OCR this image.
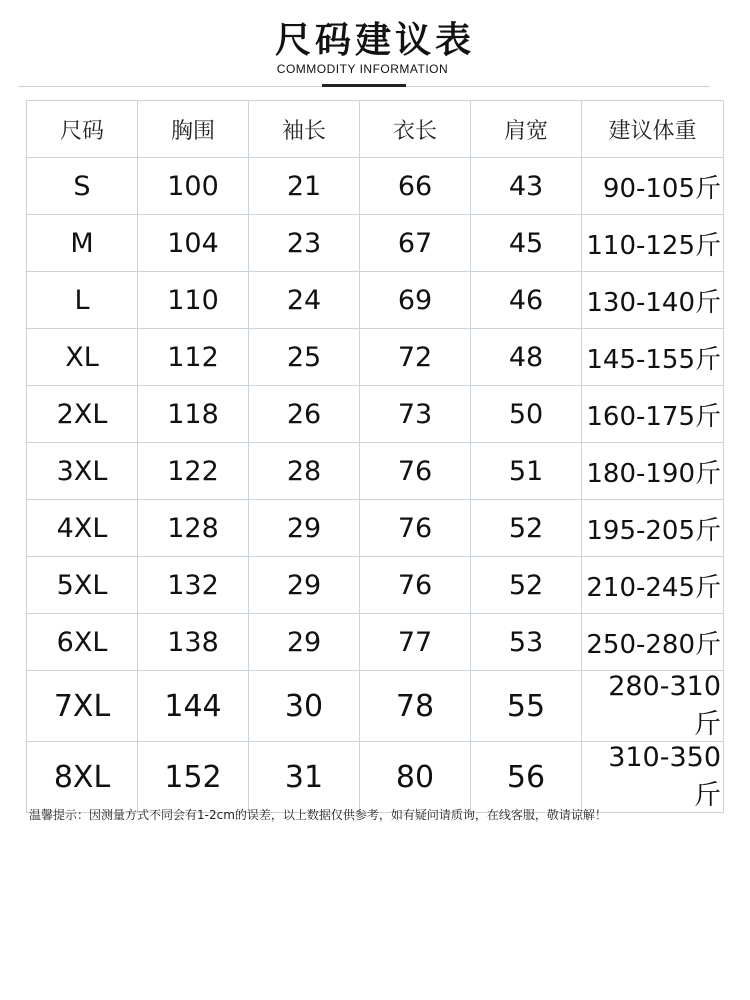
尺码建议表
COMMODITY INFORMATION
尺码	胸围	袖长	衣长	肩宽	建议体重
S	100	21	66	43	90-105斤
M	104	23	67	45	110-125斤
L	110	24	69	46	130-140斤
XL	112	25	72	48	145-155斤
2XL	118	26	73	50	160-175斤
3XL	122	28	76	51	180-190斤
4XL	128	29	76	52	195-205斤
5XL	132	29	76	52	210-245斤
6XL	138	29	77	53	250-280斤
7XL	144	30	78	55	280-310斤
8XL	152	31	80	56	310-350斤
温馨提示：因测量方式不同会有1-2cm的误差，以上数据仅供参考，如有疑问请质询，在线客服，敬请谅解！
